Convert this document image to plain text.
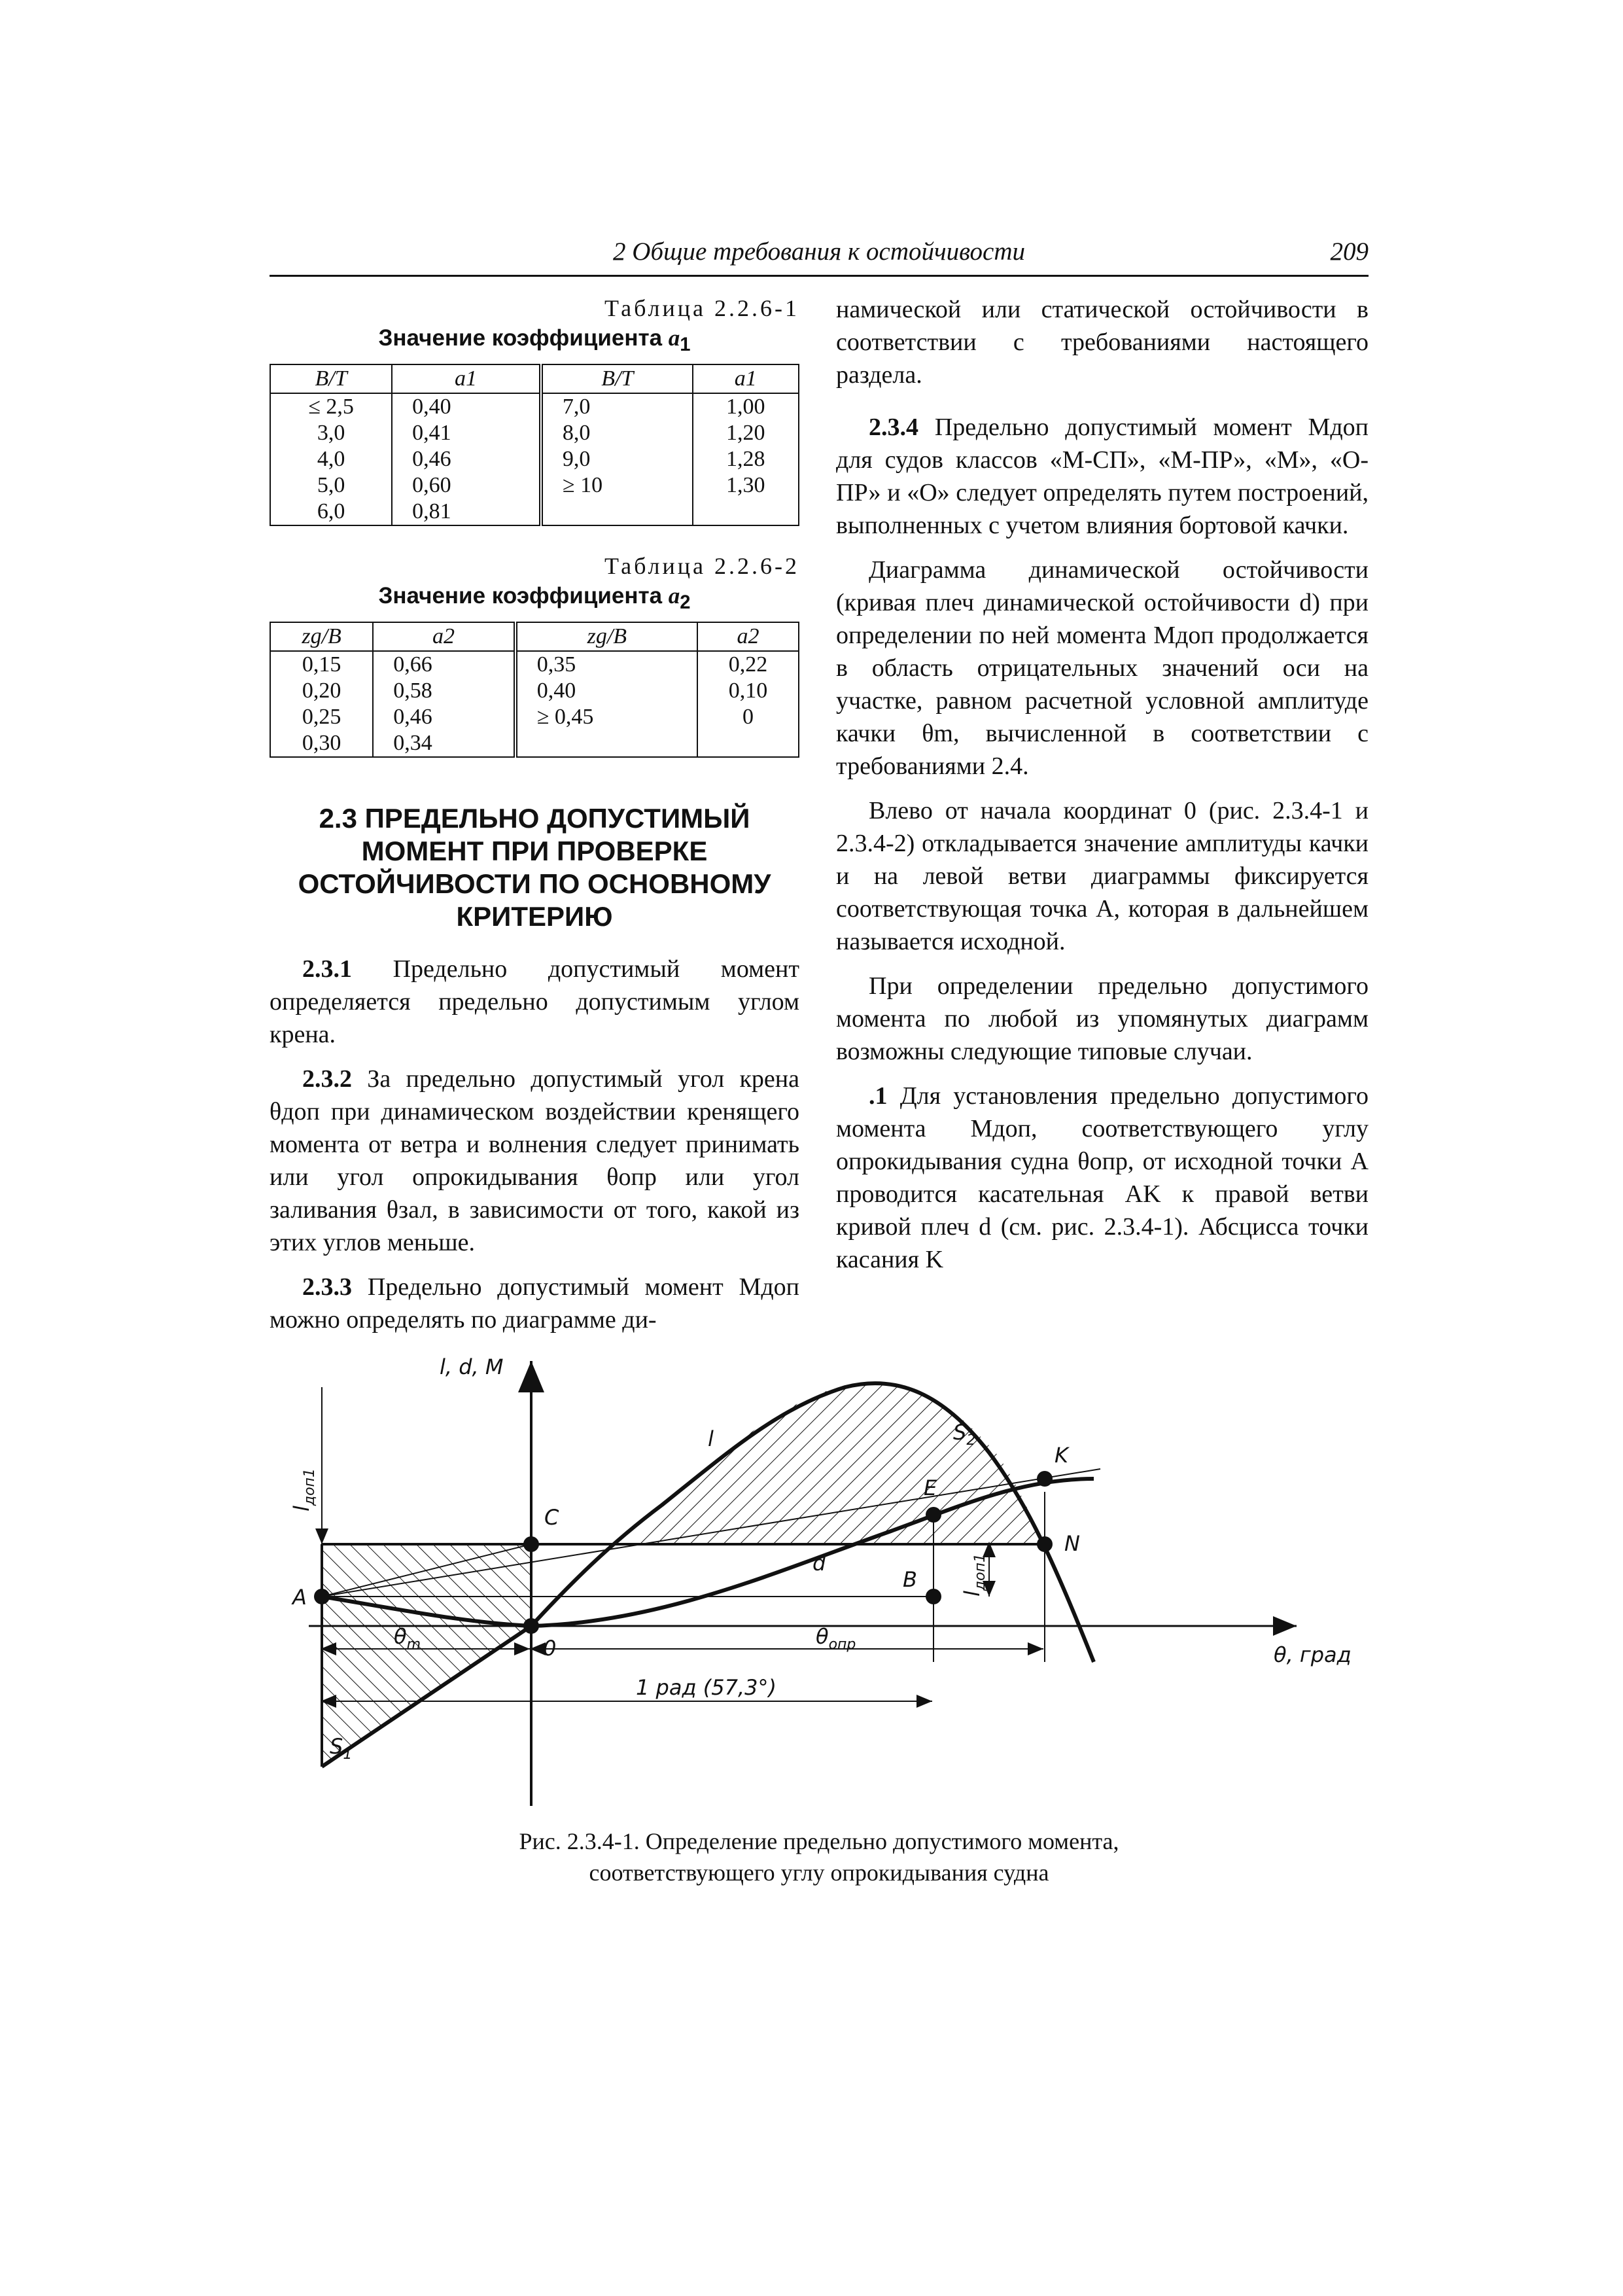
2 Общие требования к остойчивости	209
Таблица 2.2.6-1
Значение коэффициента $a_1$
B/T	a1	B/T	a1
≤ 2,5	0,40	7,0	1,00
3,0	0,41	8,0	1,20
4,0	0,46	9,0	1,28
5,0	0,60	≥ 10	1,30
6,0	0,81		
Таблица 2.2.6-2
Значение коэффициента $a_2$
zg/B	a2	zg/B	a2
0,15	0,66	0,35	0,22
0,20	0,58	0,40	0,10
0,25	0,46	≥ 0,45	0
0,30	0,34		
2.3 ПРЕДЕЛЬНО ДОПУСТИМЫЙ МОМЕНТ ПРИ ПРОВЕРКЕ ОСТОЙЧИВОСТИ ПО ОСНОВНОМУ КРИТЕРИЮ

2.3.1 Предельно допустимый момент определяется предельно допустимым углом крена.

2.3.2 За предельно допустимый угол крена θдоп при динамическом воздействии кренящего момента от ветра и волнения следует принимать или угол опрокидывания θопр или угол заливания θзал, в зависимости от того, какой из этих углов меньше.

2.3.3 Предельно допустимый момент Mдоп можно определять по диаграмме ди-

намической или статической остойчивости в соответствии с требованиями настоящего раздела.

2.3.4 Предельно допустимый момент Mдоп для судов классов «М-СП», «М-ПР», «М», «О-ПР» и «О» следует определять путем построений, выполненных с учетом влияния бортовой качки.

Диаграмма динамической остойчивости (кривая плеч динамической остойчивости d) при определении по ней момента Mдоп продолжается в область отрицательных значений оси на участке, равном расчетной условной амплитуде качки θm, вычисленной в соответствии с требованиями 2.4.

Влево от начала координат 0 (рис. 2.3.4-1 и 2.3.4-2) откладывается значение амплитуды качки и на левой ветви диаграммы фиксируется соответствующая точка A, которая в дальнейшем называется исходной.

При определении предельно допустимого момента по любой из упомянутых диаграмм возможны следующие типовые случаи.

.1 Для установления предельно допустимого момента Mдоп, соответствующего углу опрокидывания судна θопр, от исходной точки A проводится касательная AK к правой ветви кривой плеч d (см. рис. 2.3.4-1). Абсцисса точки касания K

l, d, M
θ, град
A
C
0
E
B
K
N
l
d
$S_1$
$S_2$
$\theta_m$	$\theta_{опр}$
1 рад (57,3°)
$l_{доп1}$
$l_{доп1}$
Рис. 2.3.4-1. Определение предельно допустимого момента,
соответствующего углу опрокидывания судна
